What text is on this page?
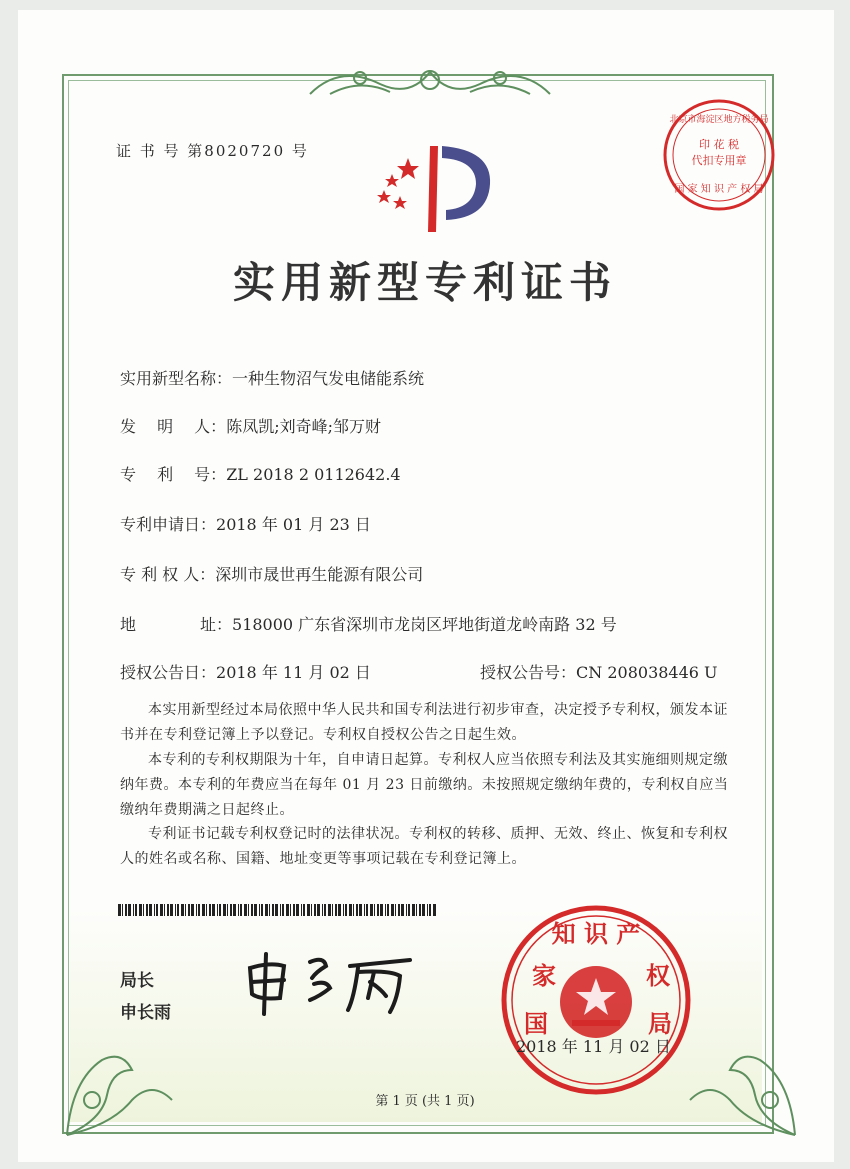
证 书 号 第8020720 号	印 花 税
代扣专用章
国 家 知 识 产 权 局
北京市海淀区地方税务局
实用新型专利证书
实用新型名称：一种生物沼气发电储能系统
发　 明　 人：陈凤凯;刘奇峰;邹万财
专　 利　 号：ZL 2018 2 0112642.4
专利申请日：2018 年 01 月 23 日
专 利 权 人：深圳市晟世再生能源有限公司
地　　　　址：518000 广东省深圳市龙岗区坪地街道龙岭南路 32 号
授权公告日：2018 年 11 月 02 日	授权公告号：CN 208038446 U
本实用新型经过本局依照中华人民共和国专利法进行初步审查，决定授予专利权，颁发本证书并在专利登记簿上予以登记。专利权自授权公告之日起生效。
本专利的专利权期限为十年，自申请日起算。专利权人应当依照专利法及其实施细则规定缴纳年费。本专利的年费应当在每年 01 月 23 日前缴纳。未按照规定缴纳年费的，专利权自应当缴纳年费期满之日起终止。
专利证书记载专利权登记时的法律状况。专利权的转移、质押、无效、终止、恢复和专利权人的姓名或名称、国籍、地址变更等事项记载在专利登记簿上。
局长
申长雨
知 识 产
家	权
国	局
2018 年 11 月 02 日
第 1 页 (共 1 页)
